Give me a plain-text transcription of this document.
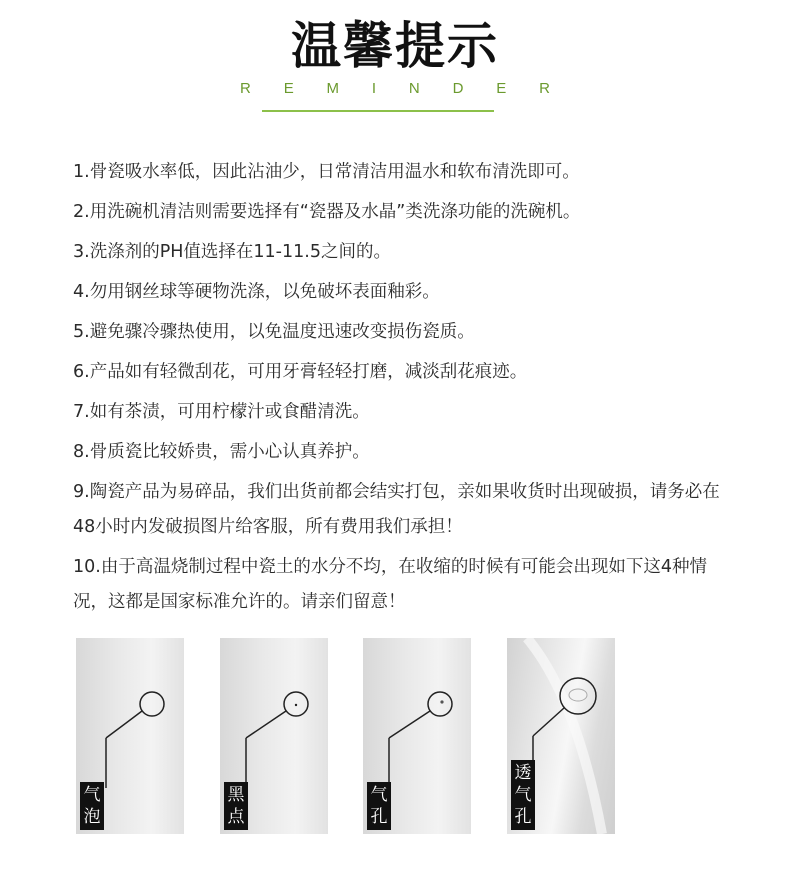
温馨提示
R E M I N D E R

1.骨瓷吸水率低，因此沾油少，日常清洁用温水和软布清洗即可。

2.用洗碗机清洁则需要选择有“瓷器及水晶”类洗涤功能的洗碗机。

3.洗涤剂的PH值选择在11-11.5之间的。

4.勿用钢丝球等硬物洗涤，以免破坏表面釉彩。

5.避免骤冷骤热使用，以免温度迅速改变损伤瓷质。

6.产品如有轻微刮花，可用牙膏轻轻打磨，减淡刮花痕迹。

7.如有茶渍，可用柠檬汁或食醋清洗。

8.骨质瓷比较娇贵，需小心认真养护。

9.陶瓷产品为易碎品，我们出货前都会结实打包，亲如果收货时出现破损，请务必在48小时内发破损图片给客服，所有费用我们承担！

10.由于高温烧制过程中瓷土的水分不均，在收缩的时候有可能会出现如下这4种情况，这都是国家标准允许的。请亲们留意！

气
泡
黑
点
气
孔
透
气
孔
